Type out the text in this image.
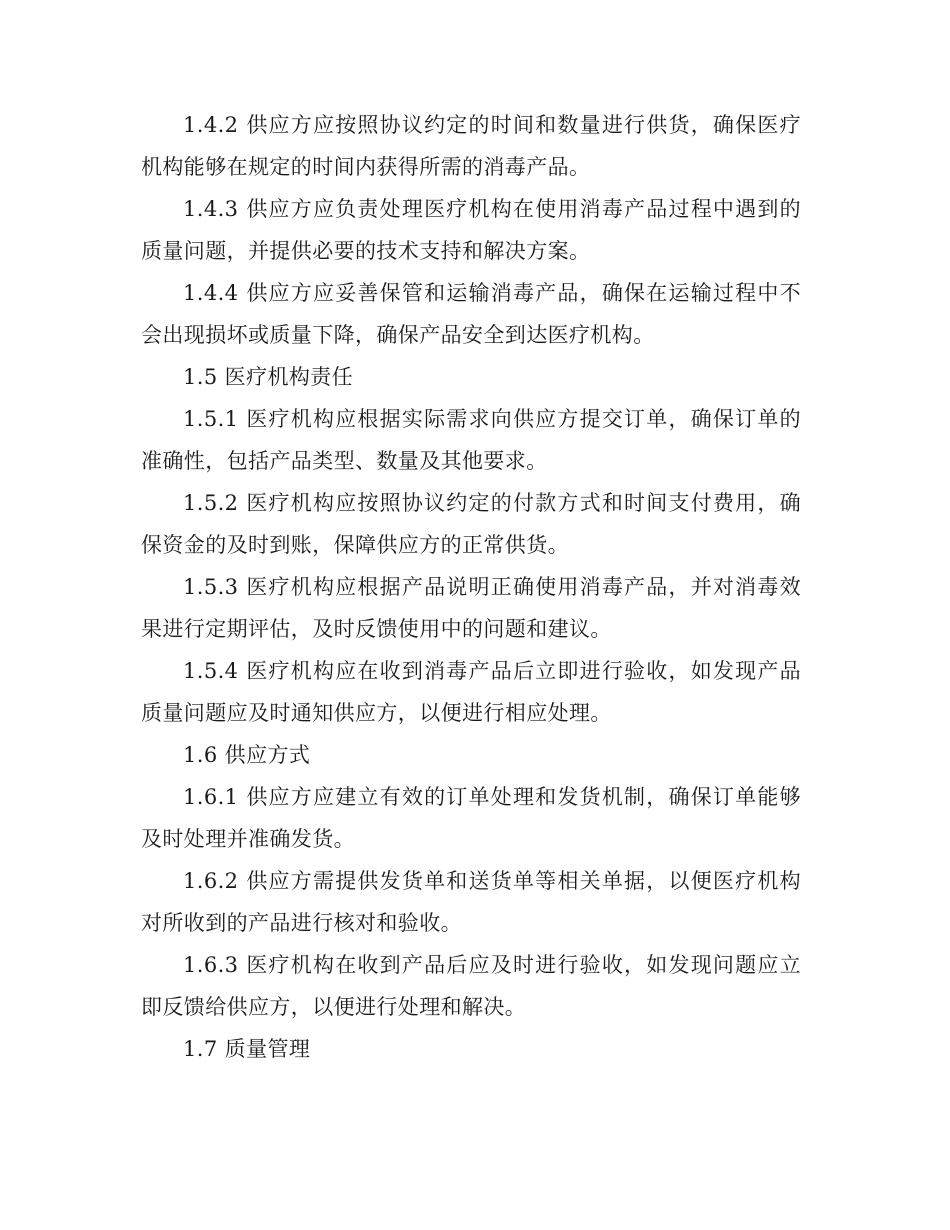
1.4.2 供应方应按照协议约定的时间和数量进行供货，确保医疗机构能够在规定的时间内获得所需的消毒产品。

1.4.3 供应方应负责处理医疗机构在使用消毒产品过程中遇到的质量问题，并提供必要的技术支持和解决方案。

1.4.4 供应方应妥善保管和运输消毒产品，确保在运输过程中不会出现损坏或质量下降，确保产品安全到达医疗机构。

1.5 医疗机构责任

1.5.1 医疗机构应根据实际需求向供应方提交订单，确保订单的准确性，包括产品类型、数量及其他要求。

1.5.2 医疗机构应按照协议约定的付款方式和时间支付费用，确保资金的及时到账，保障供应方的正常供货。

1.5.3 医疗机构应根据产品说明正确使用消毒产品，并对消毒效果进行定期评估，及时反馈使用中的问题和建议。

1.5.4 医疗机构应在收到消毒产品后立即进行验收，如发现产品质量问题应及时通知供应方，以便进行相应处理。

1.6 供应方式

1.6.1 供应方应建立有效的订单处理和发货机制，确保订单能够及时处理并准确发货。

1.6.2 供应方需提供发货单和送货单等相关单据，以便医疗机构对所收到的产品进行核对和验收。

1.6.3 医疗机构在收到产品后应及时进行验收，如发现问题应立即反馈给供应方，以便进行处理和解决。

1.7 质量管理
